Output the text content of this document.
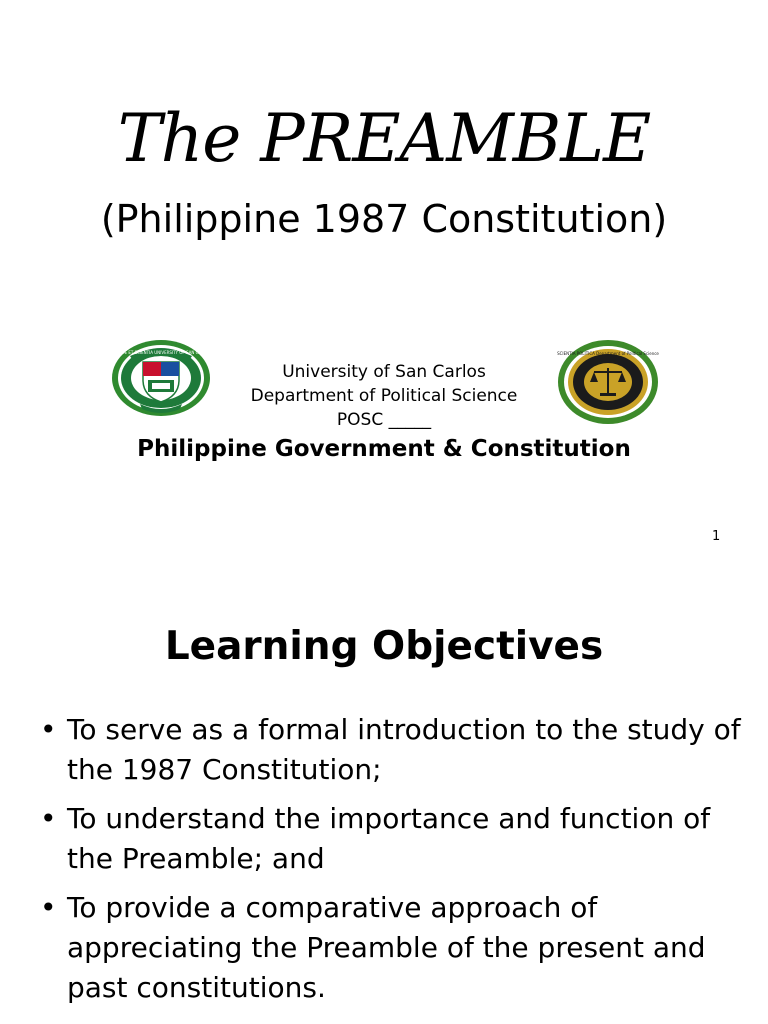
The PREAMBLE
(Philippine 1987 Constitution)
VIRTUTE ET SCIENTIA UNIVERSITY OF SAN CARLOS	SCIENTIA POLITICA Department of Political Science
University of San Carlos
Department of Political Science
POSC _____
Philippine Government & Constitution
1
Learning Objectives
• To serve as a formal introduction to the study of the 1987 Constitution;
• To understand the importance and function of the Preamble; and
• To provide a comparative approach of appreciating the Preamble of the present and past constitutions.
